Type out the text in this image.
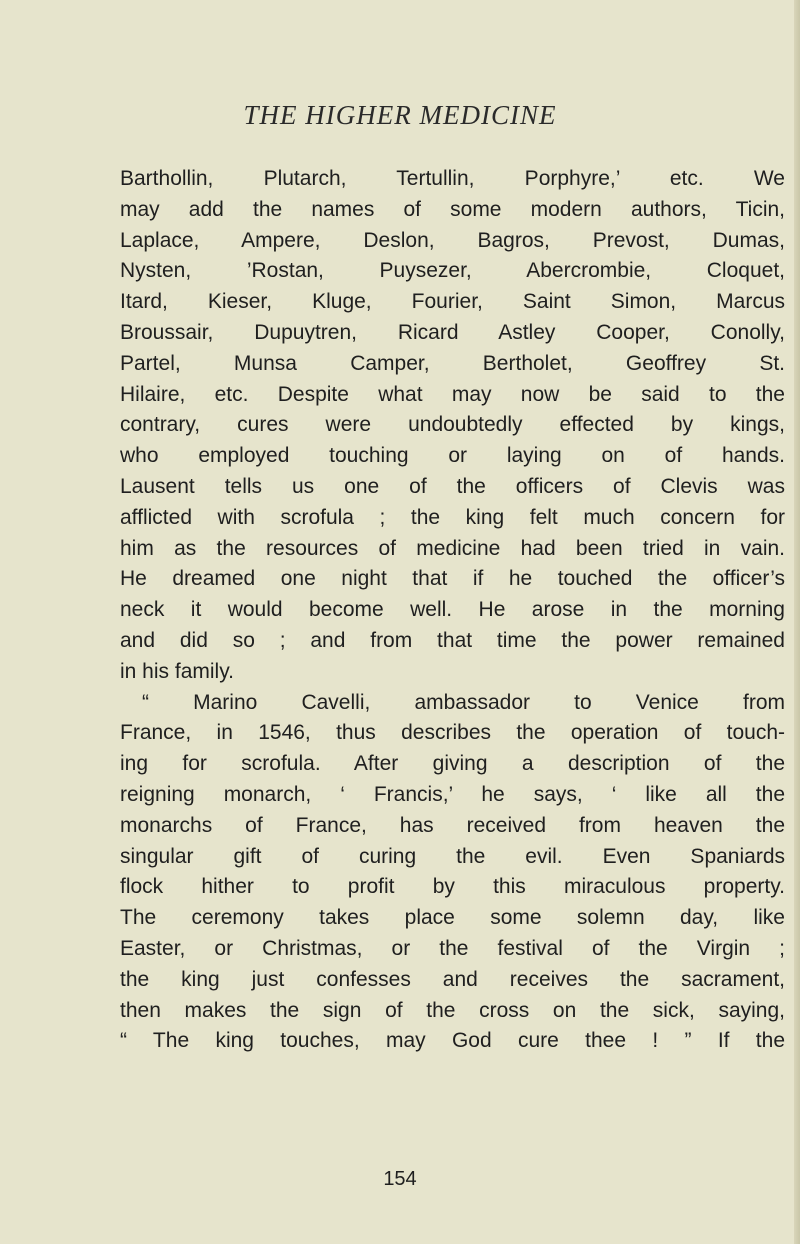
THE HIGHER MEDICINE
Barthollin, Plutarch, Tertullin, Porphyre,’ etc. We
may add the names of some modern authors, Ticin,
Laplace, Ampere, Deslon, Bagros, Prevost, Dumas,
Nysten, ’Rostan, Puysezer, Abercrombie, Cloquet,
Itard, Kieser, Kluge, Fourier, Saint Simon, Marcus
Broussair, Dupuytren, Ricard Astley Cooper, Conolly,
Partel, Munsa Camper, Bertholet, Geoffrey St.
Hilaire, etc. Despite what may now be said to the
contrary, cures were undoubtedly effected by kings,
who employed touching or laying on of hands.
Lausent tells us one of the officers of Clevis was
afflicted with scrofula ; the king felt much concern for
him as the resources of medicine had been tried in vain.
He dreamed one night that if he touched the officer’s
neck it would become well. He arose in the morning
and did so ; and from that time the power remained
in his family.
“ Marino Cavelli, ambassador to Venice from
France, in 1546, thus describes the operation of touch-
ing for scrofula. After giving a description of the
reigning monarch, ‘ Francis,’ he says, ‘ like all the
monarchs of France, has received from heaven the
singular gift of curing the evil. Even Spaniards
flock hither to profit by this miraculous property.
The ceremony takes place some solemn day, like
Easter, or Christmas, or the festival of the Virgin ;
the king just confesses and receives the sacrament,
then makes the sign of the cross on the sick, saying,
“ The king touches, may God cure thee ! ” If the
154
